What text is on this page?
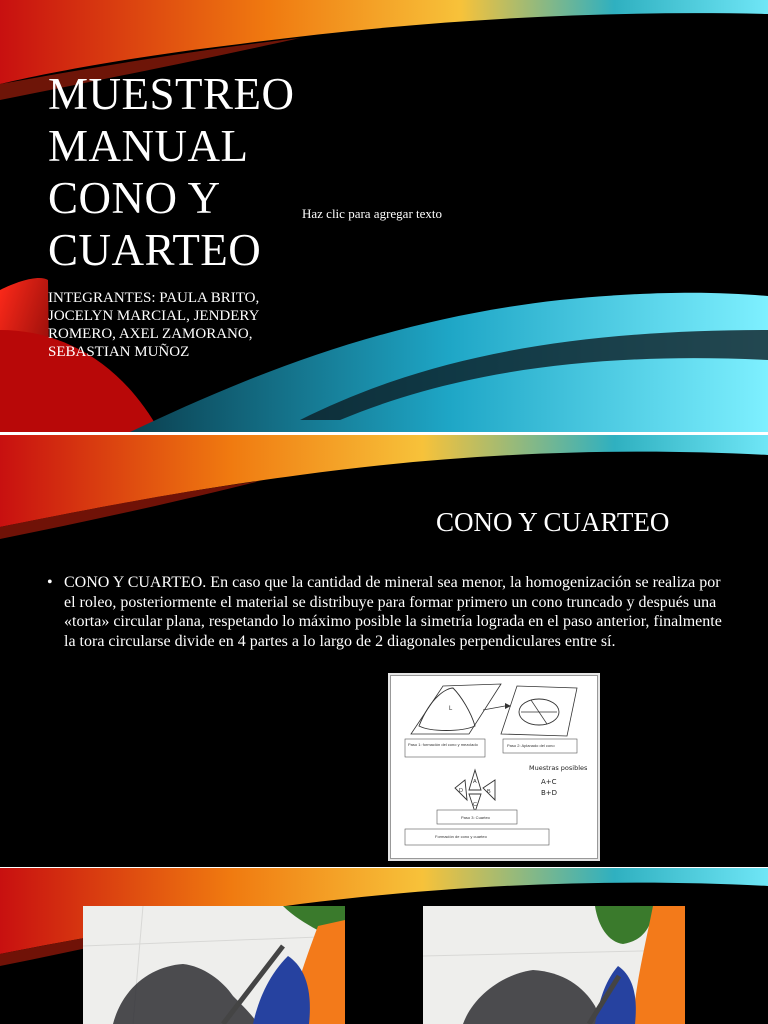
MUESTREO
MANUAL
CONO Y
CUARTEO
INTEGRANTES: PAULA BRITO,
JOCELYN MARCIAL, JENDERY
ROMERO, AXEL ZAMORANO,
SEBASTIAN MUÑOZ
Haz clic para agregar texto
CONO Y CUARTEO
• CONO Y CUARTEO. En caso que la cantidad de mineral sea menor, la homogenización se realiza por el roleo, posteriormente el material se distribuye para formar primero un cono truncado y después una «torta» circular plana, respetando lo máximo posible la simetría lograda en el paso anterior, finalmente la tora circularse divide en 4 partes a lo largo de 2 diagonales perpendiculares entre sí.
L
A
B
C
D
Muestras posibles
A+C
B+D
Paso 1: formación del cono y mezclado	Paso 2: Aplanado del cono
Paso 3: Cuarteo
Formación de cono y cuarteo
